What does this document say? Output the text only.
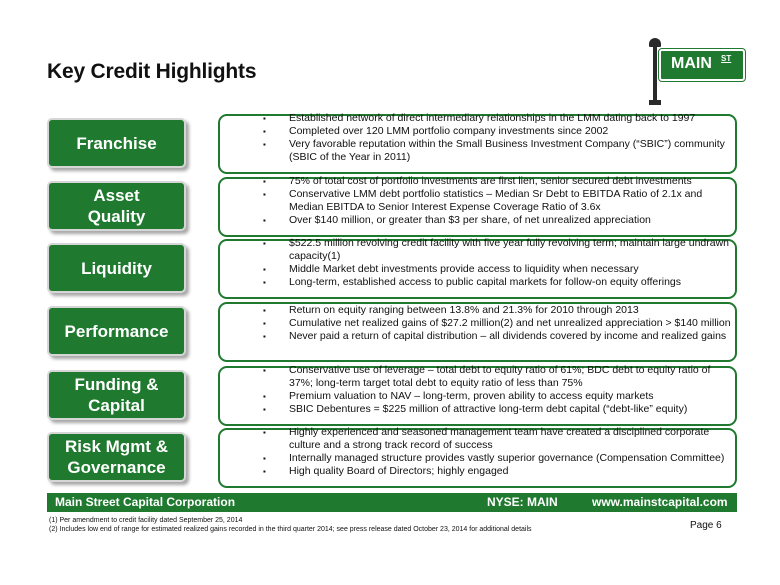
Key Credit Highlights	MAIN ST
Franchise
▪ Established network of direct intermediary relationships in the LMM dating back to 1997
▪ Completed over 120 LMM portfolio company investments since 2002
▪ Very favorable reputation within the Small Business Investment Company (“SBIC”) community (SBIC of the Year in 2011)
Asset
Quality
▪ 75% of total cost of portfolio investments are first lien, senior secured debt investments
▪ Conservative LMM debt portfolio statistics – Median Sr Debt to EBITDA Ratio of 2.1x and Median EBITDA to Senior Interest Expense Coverage Ratio of 3.6x
▪ Over $140 million, or greater than $3 per share, of net unrealized appreciation
Liquidity
▪ $522.5 million revolving credit facility with five year fully revolving term; maintain large undrawn capacity(1)
▪ Middle Market debt investments provide access to liquidity when necessary
▪ Long-term, established access to public capital markets for follow-on equity offerings
Performance
▪ Return on equity ranging between 13.8% and 21.3% for 2010 through 2013
▪ Cumulative net realized gains of $27.2 million(2) and net unrealized appreciation > $140 million
▪ Never paid a return of capital distribution – all dividends covered by income and realized gains
Funding &
Capital
▪ Conservative use of leverage – total debt to equity ratio of 61%; BDC debt to equity ratio of 37%; long-term target total debt to equity ratio of less than 75%
▪ Premium valuation to NAV – long-term, proven ability to access equity markets
▪ SBIC Debentures = $225 million of attractive long-term debt capital (“debt-like” equity)
Risk Mgmt &
Governance
▪ Highly experienced and seasoned management team have created a disciplined corporate culture and a strong track record of success
▪ Internally managed structure provides vastly superior governance (Compensation Committee)
▪ High quality Board of Directors; highly engaged
Main Street Capital Corporation	NYSE: MAIN	www.mainstcapital.com
(1) Per amendment to credit facility dated September 25, 2014
(2) Includes low end of range for estimated realized gains recorded in the third quarter 2014; see press release dated October 23, 2014 for additional details	Page 6
